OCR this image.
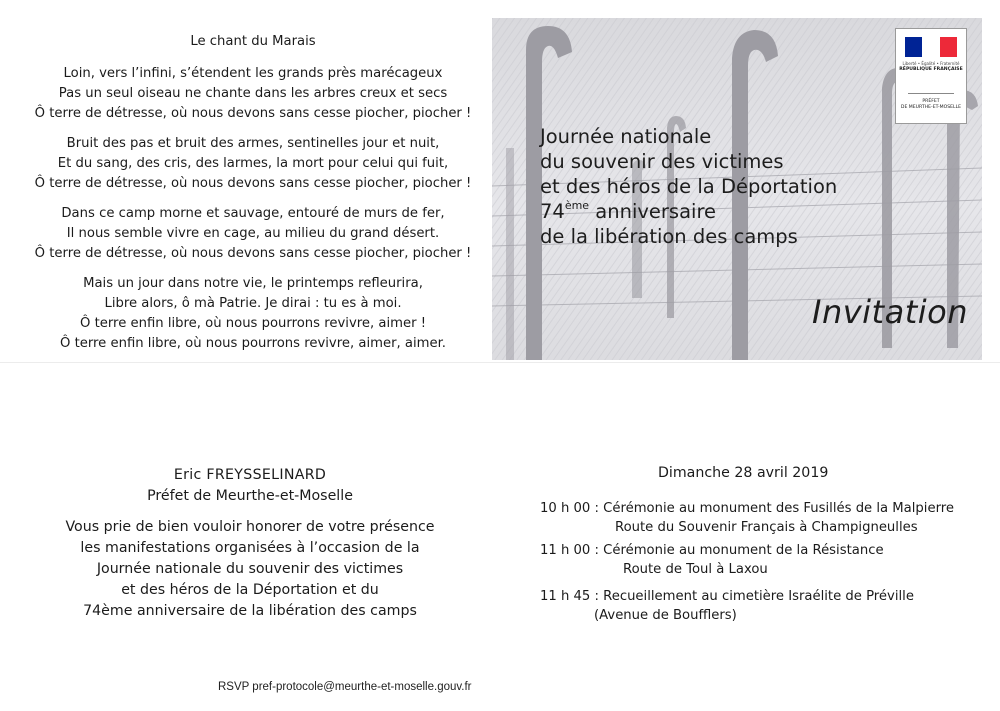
Le chant du Marais
Loin, vers l’infini, s’étendent les grands près marécageux
Pas un seul oiseau ne chante dans les arbres creux et secs
Ô terre de détresse, où nous devons sans cesse piocher, piocher !
Bruit des pas et bruit des armes, sentinelles jour et nuit,
Et du sang, des cris, des larmes, la mort pour celui qui fuit,
Ô terre de détresse, où nous devons sans cesse piocher, piocher !
Dans ce camp morne et sauvage, entouré de murs de fer,
Il nous semble vivre en cage, au milieu du grand désert.
Ô terre de détresse, où nous devons sans cesse piocher, piocher !
Mais un jour dans notre vie, le printemps refleurira,
Libre alors, ô mà Patrie. Je dirai : tu es à moi.
Ô terre enfin libre, où nous pourrons revivre, aimer !
Ô terre enfin libre, où nous pourrons revivre, aimer, aimer.
Journée nationale
du souvenir des victimes
et des héros de la Déportation
74ème anniversaire
de la libération des camps
Invitation
Liberté • Égalité • Fraternité
RÉPUBLIQUE FRANÇAISE
PRÉFET
DE MEURTHE-ET-MOSELLE
Eric FREYSSELINARD
Préfet de Meurthe-et-Moselle
Vous prie de bien vouloir honorer de votre présence
les manifestations organisées à l’occasion de la
Journée nationale du souvenir des victimes
et des héros de la Déportation et du
74ème anniversaire de la libération des camps
Dimanche 28 avril 2019
10 h 00 : Cérémonie au monument des Fusillés de la Malpierre
Route du Souvenir Français à Champigneulles
11 h 00 : Cérémonie au monument de la Résistance
Route de Toul à Laxou
11 h 45 : Recueillement au cimetière Israélite de Préville
(Avenue de Boufflers)
RSVP pref-protocole@meurthe-et-moselle.gouv.fr
